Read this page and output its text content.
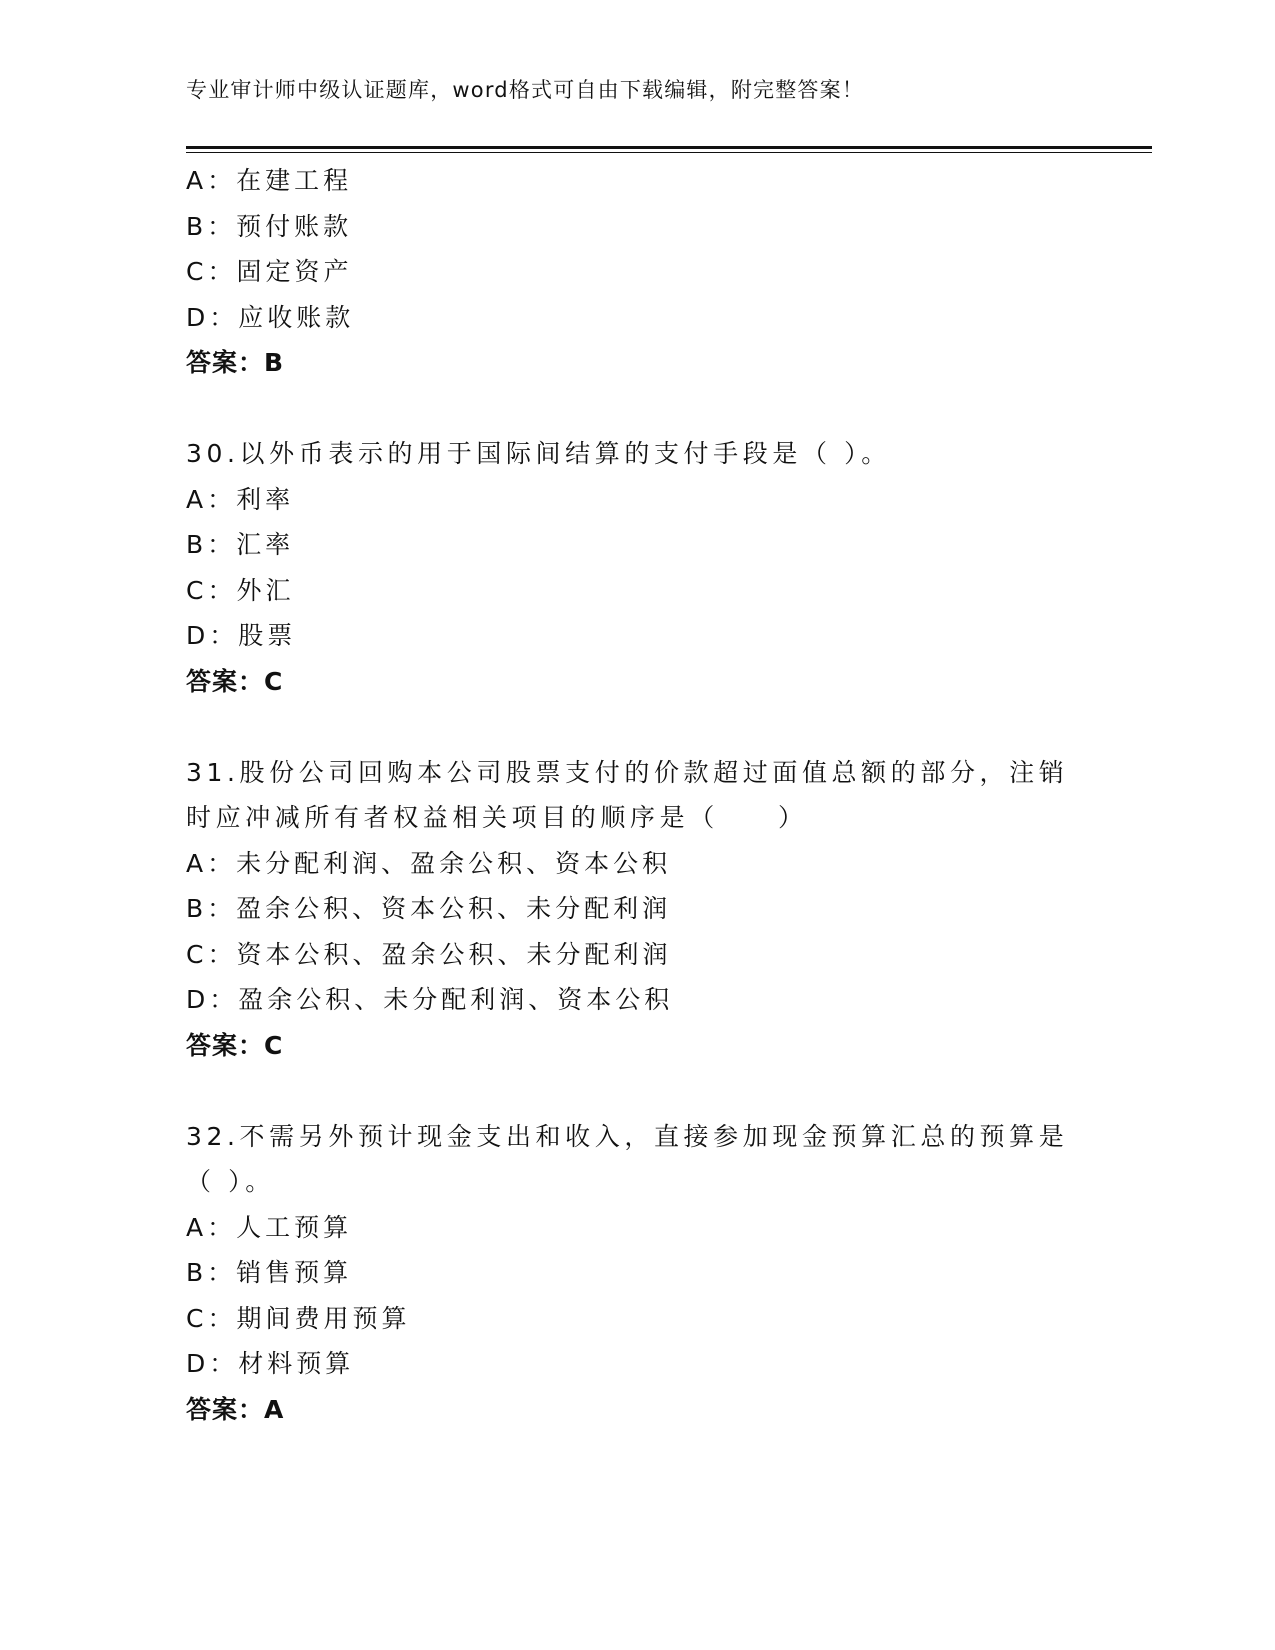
专业审计师中级认证题库，word格式可自由下载编辑，附完整答案！
A：在建工程
B：预付账款
C：固定资产
D：应收账款
答案：B
30.以外币表示的用于国际间结算的支付手段是（ ）。
A：利率
B：汇率
C：外汇
D：股票
答案：C
31.股份公司回购本公司股票支付的价款超过面值总额的部分，注销时应冲减所有者权益相关项目的顺序是（　　）
A：未分配利润、盈余公积、资本公积
B：盈余公积、资本公积、未分配利润
C：资本公积、盈余公积、未分配利润
D：盈余公积、未分配利润、资本公积
答案：C
32.不需另外预计现金支出和收入，直接参加现金预算汇总的预算是（ ）。
A：人工预算
B：销售预算
C：期间费用预算
D：材料预算
答案：A
